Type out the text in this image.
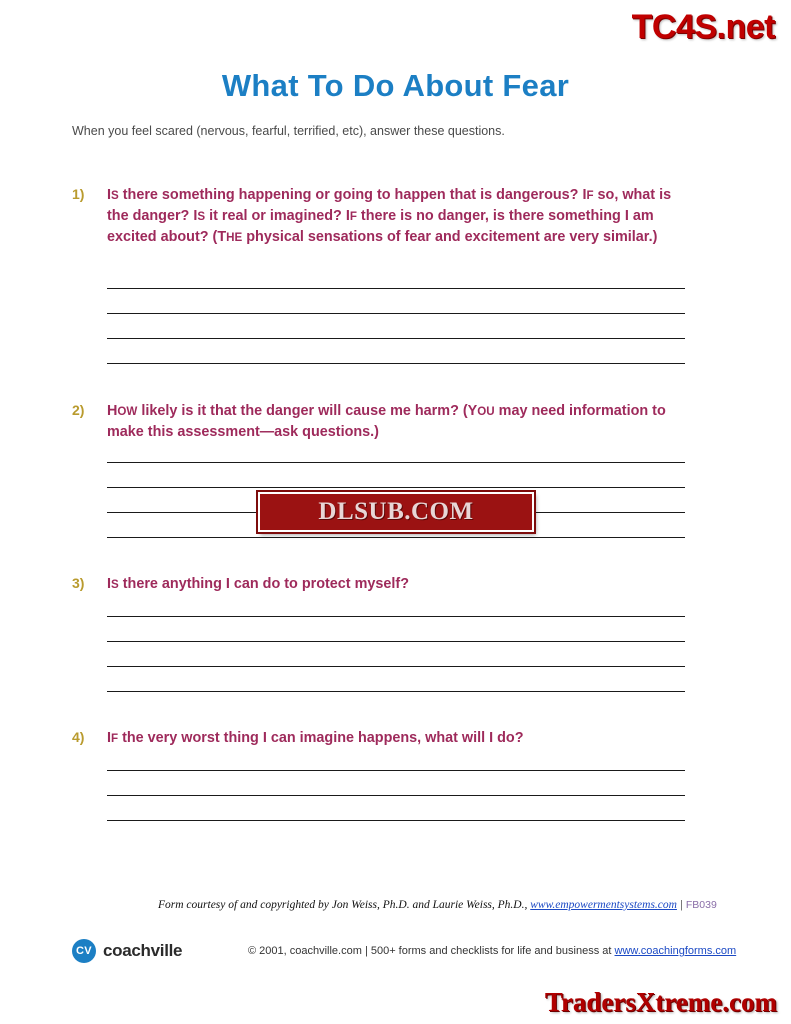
TC4S.net
What To Do About Fear
When you feel scared (nervous, fearful, terrified, etc), answer these questions.
1) IS there something happening or going to happen that is dangerous? IF so, what is the danger? IS it real or imagined? IF there is no danger, is there something I am excited about? (THE physical sensations of fear and excitement are very similar.)
2) HOW likely is it that the danger will cause me harm? (YOU may need information to make this assessment—ask questions.)
DLSUB.COM
3) IS there anything I can do to protect myself?
4) IF the very worst thing I can imagine happens, what will I do?
Form courtesy of and copyrighted by Jon Weiss, Ph.D. and Laurie Weiss, Ph.D., www.empowermentsystems.com | FB039
CV coachville	© 2001, coachville.com | 500+ forms and checklists for life and business at www.coachingforms.com
TradersXtreme.com
